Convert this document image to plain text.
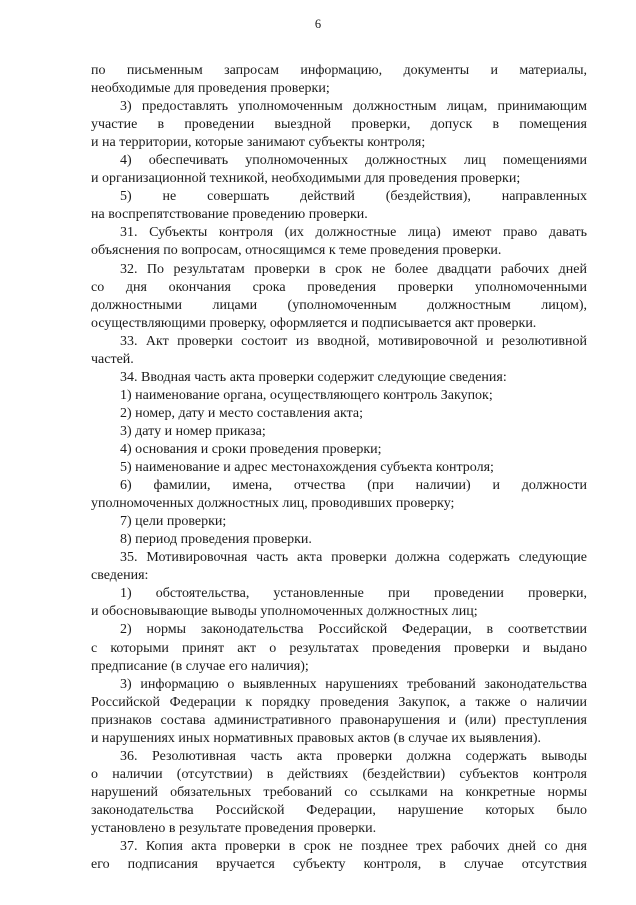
6
по письменным запросам информацию, документы и материалы,
необходимые для проведения проверки;
3) предоставлять уполномоченным должностным лицам, принимающим
участие в проведении выездной проверки, допуск в помещения
и на территории, которые занимают субъекты контроля;
4) обеспечивать уполномоченных должностных лиц помещениями
и организационной техникой, необходимыми для проведения проверки;
5) не совершать действий (бездействия), направленных
на воспрепятствование проведению проверки.
31. Субъекты контроля (их должностные лица) имеют право давать
объяснения по вопросам, относящимся к теме проведения проверки.
32. По результатам проверки в срок не более двадцати рабочих дней
со дня окончания срока проведения проверки уполномоченными
должностными лицами (уполномоченным должностным лицом),
осуществляющими проверку, оформляется и подписывается акт проверки.
33. Акт проверки состоит из вводной, мотивировочной и резолютивной
частей.
34. Вводная часть акта проверки содержит следующие сведения:
1) наименование органа, осуществляющего контроль Закупок;
2) номер, дату и место составления акта;
3) дату и номер приказа;
4) основания и сроки проведения проверки;
5) наименование и адрес местонахождения субъекта контроля;
6) фамилии, имена, отчества (при наличии) и должности
уполномоченных должностных лиц, проводивших проверку;
7) цели проверки;
8) период проведения проверки.
35. Мотивировочная часть акта проверки должна содержать следующие
сведения:
1) обстоятельства, установленные при проведении проверки,
и обосновывающие выводы уполномоченных должностных лиц;
2) нормы законодательства Российской Федерации, в соответствии
с которыми принят акт о результатах проведения проверки и выдано
предписание (в случае его наличия);
3) информацию о выявленных нарушениях требований законодательства
Российской Федерации к порядку проведения Закупок, а также о наличии
признаков состава административного правонарушения и (или) преступления
и нарушениях иных нормативных правовых актов (в случае их выявления).
36. Резолютивная часть акта проверки должна содержать выводы
о наличии (отсутствии) в действиях (бездействии) субъектов контроля
нарушений обязательных требований со ссылками на конкретные нормы
законодательства Российской Федерации, нарушение которых было
установлено в результате проведения проверки.
37. Копия акта проверки в срок не позднее трех рабочих дней со дня
его подписания вручается субъекту контроля, в случае отсутствия
